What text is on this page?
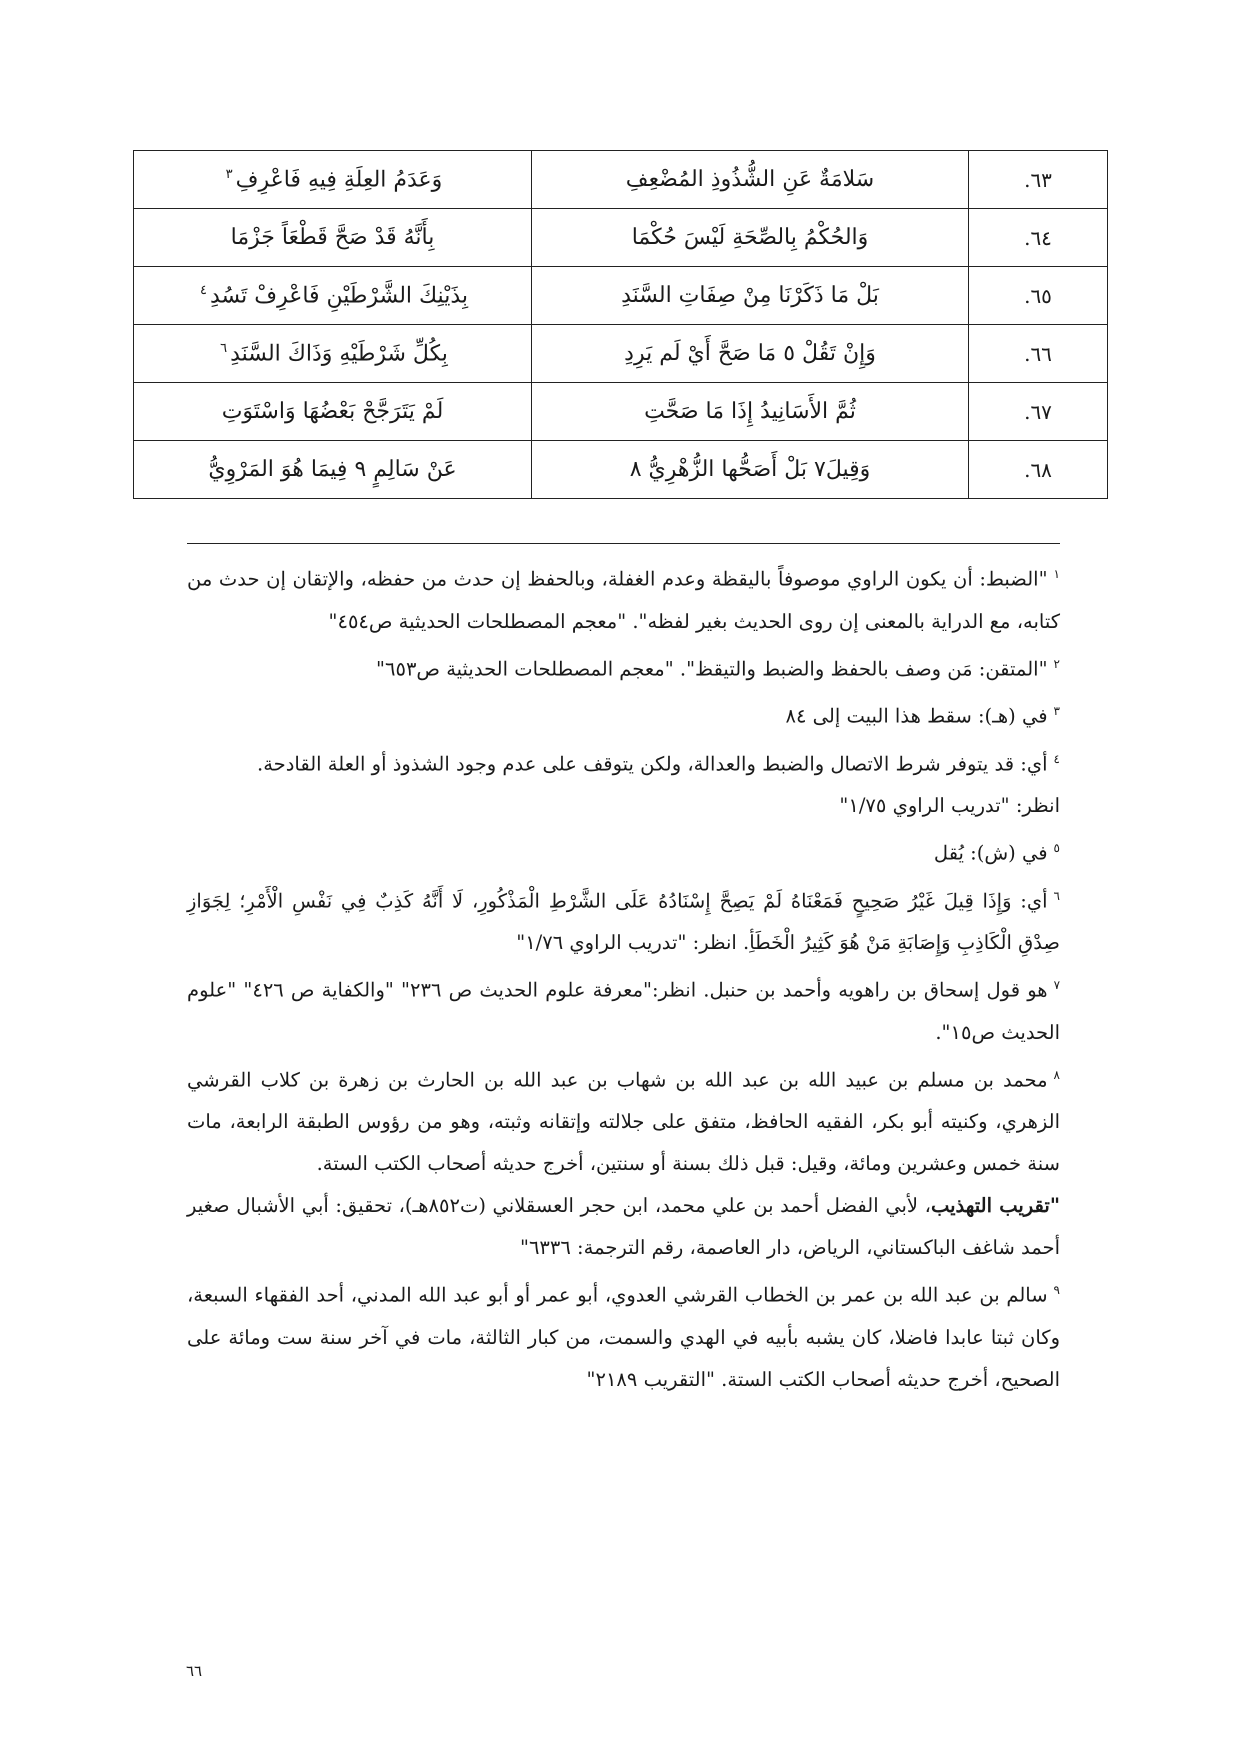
٦٣.	سَلامَةٌ عَنِ الشُّذُوذِ المُضْعِفِ	وَعَدَمُ العِلَةِ فِيهِ فَاعْرِفِ$^٣$
٦٤.	وَالحُكْمُ بِالصِّحَةِ لَيْسَ حُكْمَا	بِأَنَّهُ قَدْ صَحَّ قَطْعَاً جَزْمَا
٦٥.	بَلْ مَا ذَكَرْنَا مِنْ صِفَاتِ السَّنَدِ	بِذَيْنِكَ الشَّرْطَيْنِ فَاعْرِفْ تَسُدِ$^٤$
٦٦.	وَإِنْ تَقُلْ ٥ مَا صَحَّ أَيْ لَم يَرِدِ	بِكُلِّ شَرْطَيْهِ وَذَاكَ السَّنَدِ$^٦$
٦٧.	ثُمَّ الأَسَانِيدُ إِذَا مَا صَحَّتِ	لَمْ يَتَرَجَّحْ بَعْضُهَا وَاسْتَوَتِ
٦٨.	وَقِيلَ٧ بَلْ أَصَحُّها الزُّهْرِيُّ ٨	عَنْ سَالِمٍ ٩ فِيمَا هُوَ المَرْوِيُّ

$^١$"الضبط: أن يكون الراوي موصوفاً باليقظة وعدم الغفلة، وبالحفظ إن حدث من حفظه، والإتقان إن حدث من كتابه، مع الدراية بالمعنى إن روى الحديث بغير لفظه". "معجم المصطلحات الحديثية ص٤٥٤"

$^٢$"المتقن: مَن وصف بالحفظ والضبط والتيقظ". "معجم المصطلحات الحديثية ص٦٥٣"

$^٣$في (هـ): سقط هذا البيت إلى ٨٤

$^٤$أي: قد يتوفر شرط الاتصال والضبط والعدالة، ولكن يتوقف على عدم وجود الشذوذ أو العلة القادحة.

انظر: "تدريب الراوي ١/٧٥"

$^٥$في (ش): يُقل

$^٦$أي: وَإِذَا قِيلَ غَيْرُ صَحِيحٍ فَمَعْنَاهُ لَمْ يَصِحَّ إِسْنَادُهُ عَلَى الشَّرْطِ الْمَذْكُورِ، لَا أَنَّهُ كَذِبٌ فِي نَفْسِ الْأَمْرِ؛ لِجَوَازِ صِدْقِ الْكَاذِبِ وَإِصَابَةِ مَنْ هُوَ كَثِيرُ الْخَطَأِ. انظر: "تدريب الراوي ١/٧٦"

$^٧$هو قول إسحاق بن راهويه وأحمد بن حنبل. انظر:"معرفة علوم الحديث ص ٢٣٦" "والكفاية ص ٤٢٦" "علوم الحديث ص١٥".

$^٨$محمد بن مسلم بن عبيد الله بن عبد الله بن شهاب بن عبد الله بن الحارث بن زهرة بن كلاب القرشي الزهري، وكنيته أبو بكر، الفقيه الحافظ، متفق على جلالته وإتقانه وثبته، وهو من رؤوس الطبقة الرابعة، مات سنة خمس وعشرين ومائة، وقيل: قبل ذلك بسنة أو سنتين، أخرج حديثه أصحاب الكتب الستة.

"تقريب التهذيب، لأبي الفضل أحمد بن علي محمد، ابن حجر العسقلاني (ت٨٥٢هـ)، تحقيق: أبي الأشبال صغير أحمد شاغف الباكستاني، الرياض، دار العاصمة، رقم الترجمة: ٦٣٣٦"

$^٩$سالم بن عبد الله بن عمر بن الخطاب القرشي العدوي، أبو عمر أو أبو عبد الله المدني، أحد الفقهاء السبعة، وكان ثبتا عابدا فاضلا، كان يشبه بأبيه في الهدي والسمت، من كبار الثالثة، مات في آخر سنة ست ومائة على الصحيح، أخرج حديثه أصحاب الكتب الستة. "التقريب ٢١٨٩"

٦٦
